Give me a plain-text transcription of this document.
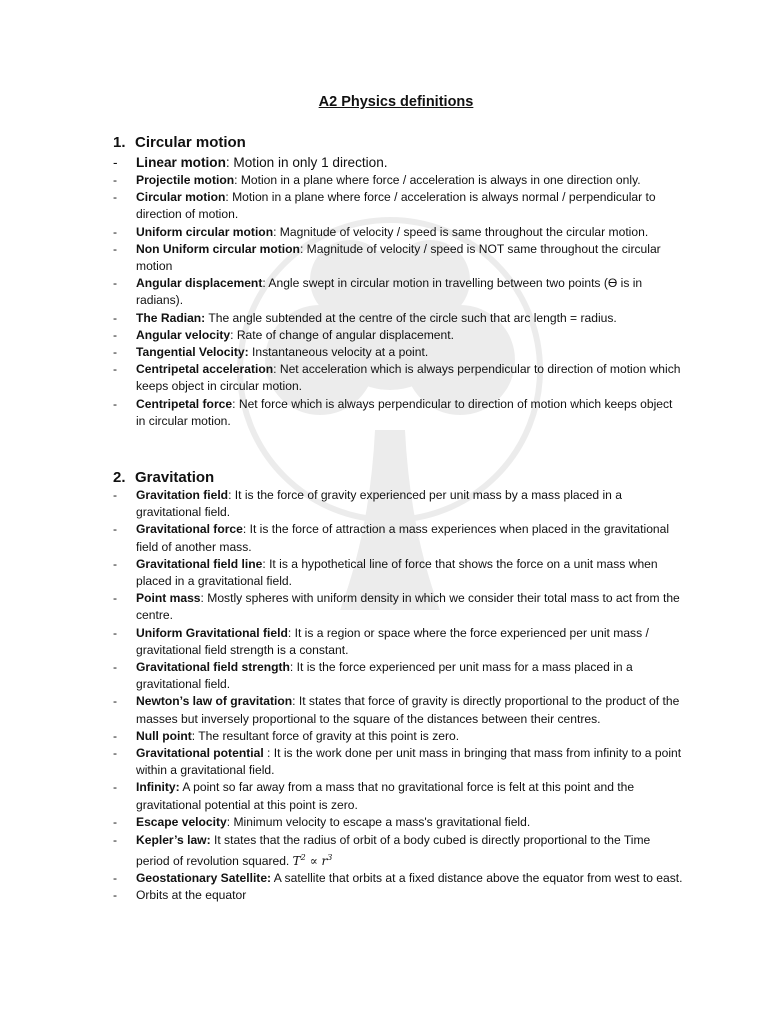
A2 Physics definitions
1. Circular motion
- Linear motion: Motion in only 1 direction.
- Projectile motion: Motion in a plane where force / acceleration is always in one direction only.
- Circular motion: Motion in a plane where force / acceleration is always normal / perpendicular to direction of motion.
- Uniform circular motion: Magnitude of velocity / speed is same throughout the circular motion.
- Non Uniform circular motion: Magnitude of velocity / speed is NOT same throughout the circular motion
- Angular displacement: Angle swept in circular motion in travelling between two points (ϴ is in radians).
- The Radian: The angle subtended at the centre of the circle such that arc length = radius.
- Angular velocity: Rate of change of angular displacement.
- Tangential Velocity: Instantaneous velocity at a point.
- Centripetal acceleration: Net acceleration which is always perpendicular to direction of motion which keeps object in circular motion.
- Centripetal force: Net force which is always perpendicular to direction of motion which keeps object in circular motion.
2. Gravitation
- Gravitation field: It is the force of gravity experienced per unit mass by a mass placed in a gravitational field.
- Gravitational force: It is the force of attraction a mass experiences when placed in the gravitational field of another mass.
- Gravitational field line: It is a hypothetical line of force that shows the force on a unit mass when placed in a gravitational field.
- Point mass: Mostly spheres with uniform density in which we consider their total mass to act from the centre.
- Uniform Gravitational field: It is a region or space where the force experienced per unit mass / gravitational field strength is a constant.
- Gravitational field strength: It is the force experienced per unit mass for a mass placed in a gravitational field.
- Newton’s law of gravitation: It states that force of gravity is directly proportional to the product of the masses but inversely proportional to the square of the distances between their centres.
- Null point: The resultant force of gravity at this point is zero.
- Gravitational potential : It is the work done per unit mass in bringing that mass from infinity to a point within a gravitational field.
- Infinity: A point so far away from a mass that no gravitational force is felt at this point and the gravitational potential at this point is zero.
- Escape velocity: Minimum velocity to escape a mass's gravitational field.
- Kepler’s law: It states that the radius of orbit of a body cubed is directly proportional to the Time period of revolution squared. $T^2 \propto r^3$
- Geostationary Satellite: A satellite that orbits at a fixed distance above the equator from west to east.
- Orbits at the equator
